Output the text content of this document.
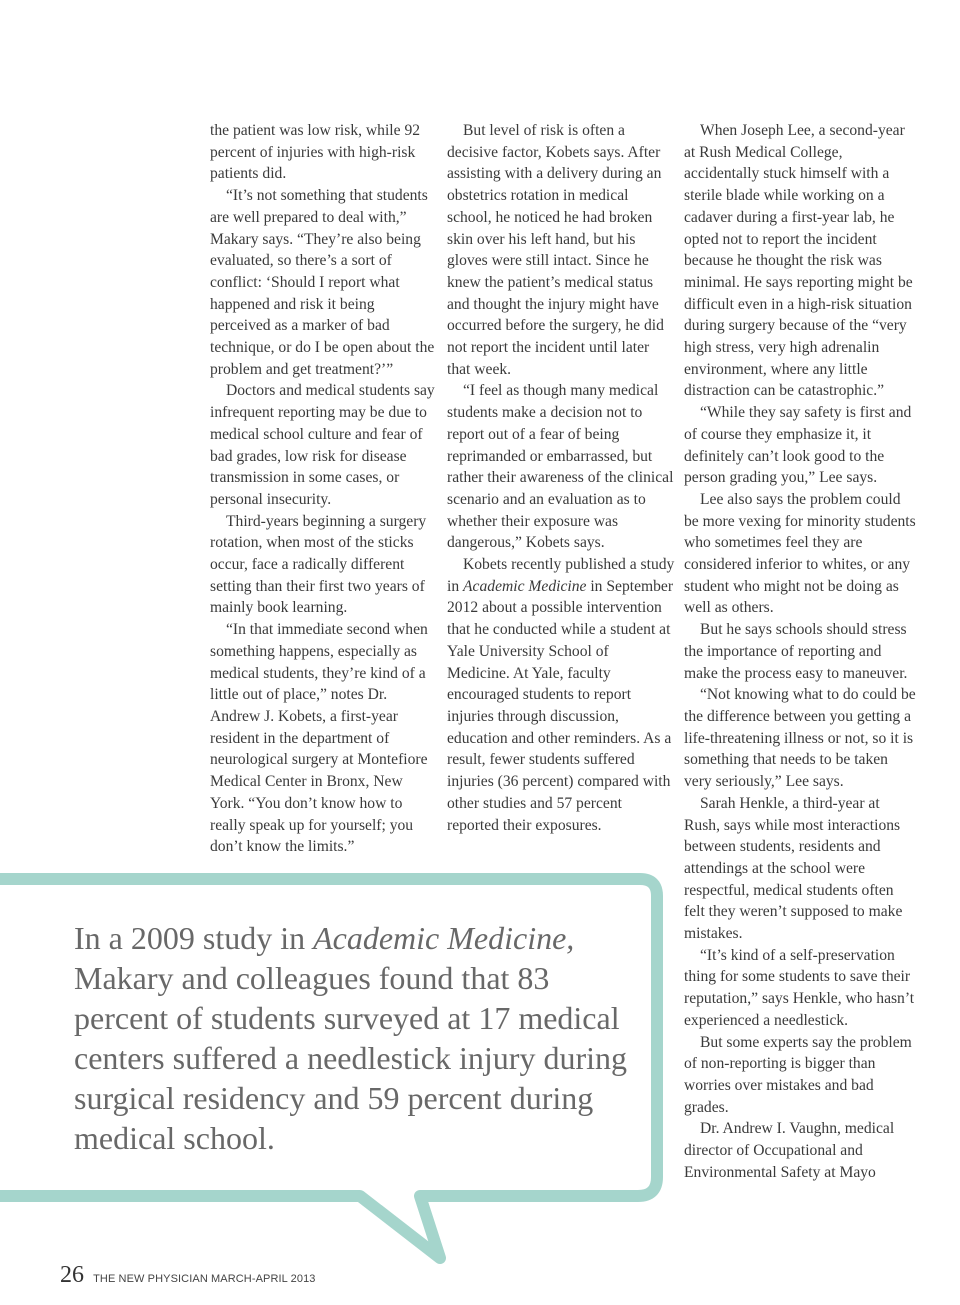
the patient was low risk, while 92 percent of injuries with high-risk patients did.

“It’s not something that students are well prepared to deal with,” Makary says. “They’re also being evaluated, so there’s a sort of conflict: ‘Should I report what happened and risk it being perceived as a marker of bad technique, or do I be open about the problem and get treatment?’”

Doctors and medical students say infrequent reporting may be due to medical school culture and fear of bad grades, low risk for disease transmission in some cases, or personal insecurity.

Third-years beginning a surgery rotation, when most of the sticks occur, face a radically different setting than their first two years of mainly book learning.

“In that immediate second when something happens, especially as medical students, they’re kind of a little out of place,” notes Dr. Andrew J. Kobets, a first-year resident in the department of neurological surgery at Montefiore Medical Center in Bronx, New York. “You don’t know how to really speak up for yourself; you don’t know the limits.”

But level of risk is often a decisive factor, Kobets says. After assisting with a delivery during an obstetrics rotation in medical school, he noticed he had broken skin over his left hand, but his gloves were still intact. Since he knew the patient’s medical status and thought the injury might have occurred before the surgery, he did not report the incident until later that week.

“I feel as though many medical students make a decision not to report out of a fear of being reprimanded or embarrassed, but rather their awareness of the clinical scenario and an evaluation as to whether their exposure was dangerous,” Kobets says.

Kobets recently published a study in Academic Medicine in September 2012 about a possible intervention that he conducted while a student at Yale University School of Medicine. At Yale, faculty encouraged students to report injuries through discussion, education and other reminders. As a result, fewer students suffered injuries (36 percent) compared with other studies and 57 percent reported their exposures.

When Joseph Lee, a second-year at Rush Medical College, accidentally stuck himself with a sterile blade while working on a cadaver during a first-year lab, he opted not to report the incident because he thought the risk was minimal. He says reporting might be difficult even in a high-risk situation during surgery because of the “very high stress, very high adrenalin environment, where any little distraction can be catastrophic.”

“While they say safety is first and of course they emphasize it, it definitely can’t look good to the person grading you,” Lee says.

Lee also says the problem could be more vexing for minority students who sometimes feel they are considered inferior to whites, or any student who might not be doing as well as others.

But he says schools should stress the importance of reporting and make the process easy to maneuver.

“Not knowing what to do could be the difference between you getting a life-threatening illness or not, so it is something that needs to be taken very seriously,” Lee says.

Sarah Henkle, a third-year at Rush, says while most interactions between students, residents and attendings at the school were respectful, medical students often felt they weren’t supposed to make mistakes.

“It’s kind of a self-preservation thing for some students to save their reputation,” says Henkle, who hasn’t experienced a needlestick.

But some experts say the problem of non-reporting is bigger than worries over mistakes and bad grades.

Dr. Andrew I. Vaughn, medical director of Occupational and Environmental Safety at Mayo

In a 2009 study in Academic Medicine, Makary and colleagues found that 83 percent of students surveyed at 17 medical centers suffered a needlestick injury during surgical residency and 59 percent during medical school.

26 THE NEW PHYSICIAN MARCH-APRIL 2013
